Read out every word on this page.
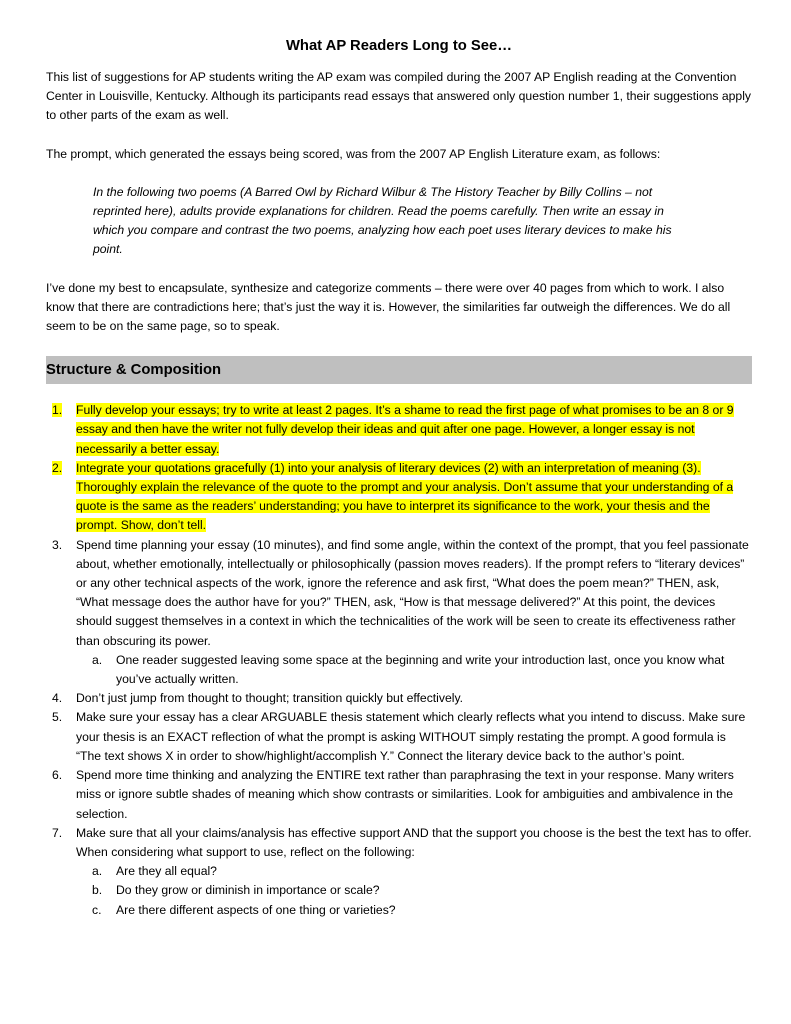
What AP Readers Long to See…

This list of suggestions for AP students writing the AP exam was compiled during the 2007 AP English reading at the Convention Center in Louisville, Kentucky. Although its participants read essays that answered only question number 1, their suggestions apply to other parts of the exam as well.

The prompt, which generated the essays being scored, was from the 2007 AP English Literature exam, as follows:

In the following two poems (A Barred Owl by Richard Wilbur & The History Teacher by Billy Collins – not reprinted here), adults provide explanations for children. Read the poems carefully. Then write an essay in which you compare and contrast the two poems, analyzing how each poet uses literary devices to make his point.

I’ve done my best to encapsulate, synthesize and categorize comments – there were over 40 pages from which to work. I also know that there are contradictions here; that’s just the way it is. However, the similarities far outweigh the differences. We do all seem to be on the same page, so to speak.

Structure & Composition
1.	Fully develop your essays; try to write at least 2 pages. It’s a shame to read the first page of what promises to be an 8 or 9 essay and then have the writer not fully develop their ideas and quit after one page. However, a longer essay is not necessarily a better essay.
2.	Integrate your quotations gracefully (1) into your analysis of literary devices (2) with an interpretation of meaning (3). Thoroughly explain the relevance of the quote to the prompt and your analysis. Don’t assume that your understanding of a quote is the same as the readers’ understanding; you have to interpret its significance to the work, your thesis and the prompt. Show, don’t tell.
3.	Spend time planning your essay (10 minutes), and find some angle, within the context of the prompt, that you feel passionate about, whether emotionally, intellectually or philosophically (passion moves readers). If the prompt refers to “literary devices” or any other technical aspects of the work, ignore the reference and ask first, “What does the poem mean?” THEN, ask, “What message does the author have for you?” THEN, ask, “How is that message delivered?” At this point, the devices should suggest themselves in a context in which the technicalities of the work will be seen to create its effectiveness rather than obscuring its power.
a.	One reader suggested leaving some space at the beginning and write your introduction last, once you know what you’ve actually written.
4.	Don’t just jump from thought to thought; transition quickly but effectively.
5.	Make sure your essay has a clear ARGUABLE thesis statement which clearly reflects what you intend to discuss. Make sure your thesis is an EXACT reflection of what the prompt is asking WITHOUT simply restating the prompt. A good formula is “The text shows X in order to show/highlight/accomplish Y.” Connect the literary device back to the author’s point.
6.	Spend more time thinking and analyzing the ENTIRE text rather than paraphrasing the text in your response. Many writers miss or ignore subtle shades of meaning which show contrasts or similarities. Look for ambiguities and ambivalence in the selection.
7.	Make sure that all your claims/analysis has effective support AND that the support you choose is the best the text has to offer. When considering what support to use, reflect on the following:
a.	Are they all equal?
b.	Do they grow or diminish in importance or scale?
c.	Are there different aspects of one thing or varieties?
